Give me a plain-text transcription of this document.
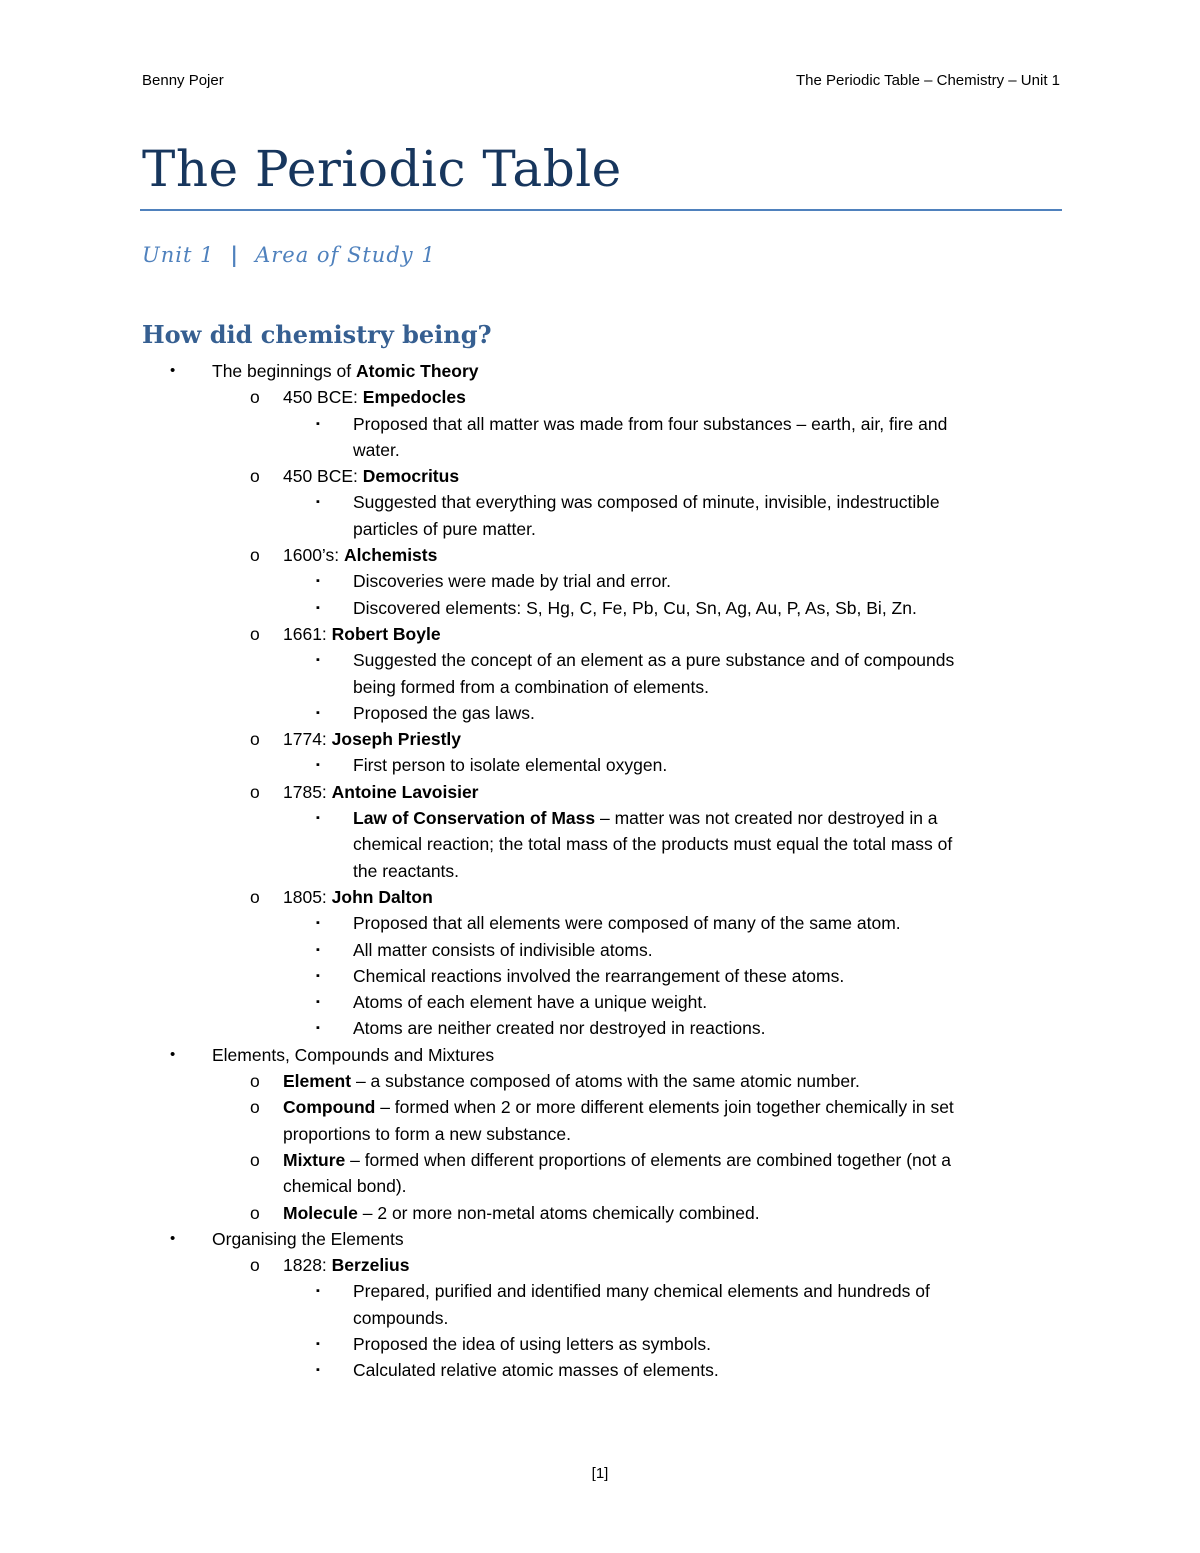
Benny Pojer	The Periodic Table – Chemistry – Unit 1
The Periodic Table
Unit 1 | Area of Study 1
How did chemistry being?
• The beginnings of Atomic Theory
o 450 BCE: Empedocles
▪ Proposed that all matter was made from four substances – earth, air, fire and
water.
o 450 BCE: Democritus
▪ Suggested that everything was composed of minute, invisible, indestructible
particles of pure matter.
o 1600’s: Alchemists
▪ Discoveries were made by trial and error.
▪ Discovered elements: S, Hg, C, Fe, Pb, Cu, Sn, Ag, Au, P, As, Sb, Bi, Zn.
o 1661: Robert Boyle
▪ Suggested the concept of an element as a pure substance and of compounds
being formed from a combination of elements.
▪ Proposed the gas laws.
o 1774: Joseph Priestly
▪ First person to isolate elemental oxygen.
o 1785: Antoine Lavoisier
▪ Law of Conservation of Mass – matter was not created nor destroyed in a
chemical reaction; the total mass of the products must equal the total mass of
the reactants.
o 1805: John Dalton
▪ Proposed that all elements were composed of many of the same atom.
▪ All matter consists of indivisible atoms.
▪ Chemical reactions involved the rearrangement of these atoms.
▪ Atoms of each element have a unique weight.
▪ Atoms are neither created nor destroyed in reactions.
• Elements, Compounds and Mixtures
o Element – a substance composed of atoms with the same atomic number.
o Compound – formed when 2 or more different elements join together chemically in set
proportions to form a new substance.
o Mixture – formed when different proportions of elements are combined together (not a
chemical bond).
o Molecule – 2 or more non-metal atoms chemically combined.
• Organising the Elements
o 1828: Berzelius
▪ Prepared, purified and identified many chemical elements and hundreds of
compounds.
▪ Proposed the idea of using letters as symbols.
▪ Calculated relative atomic masses of elements.
[1]
